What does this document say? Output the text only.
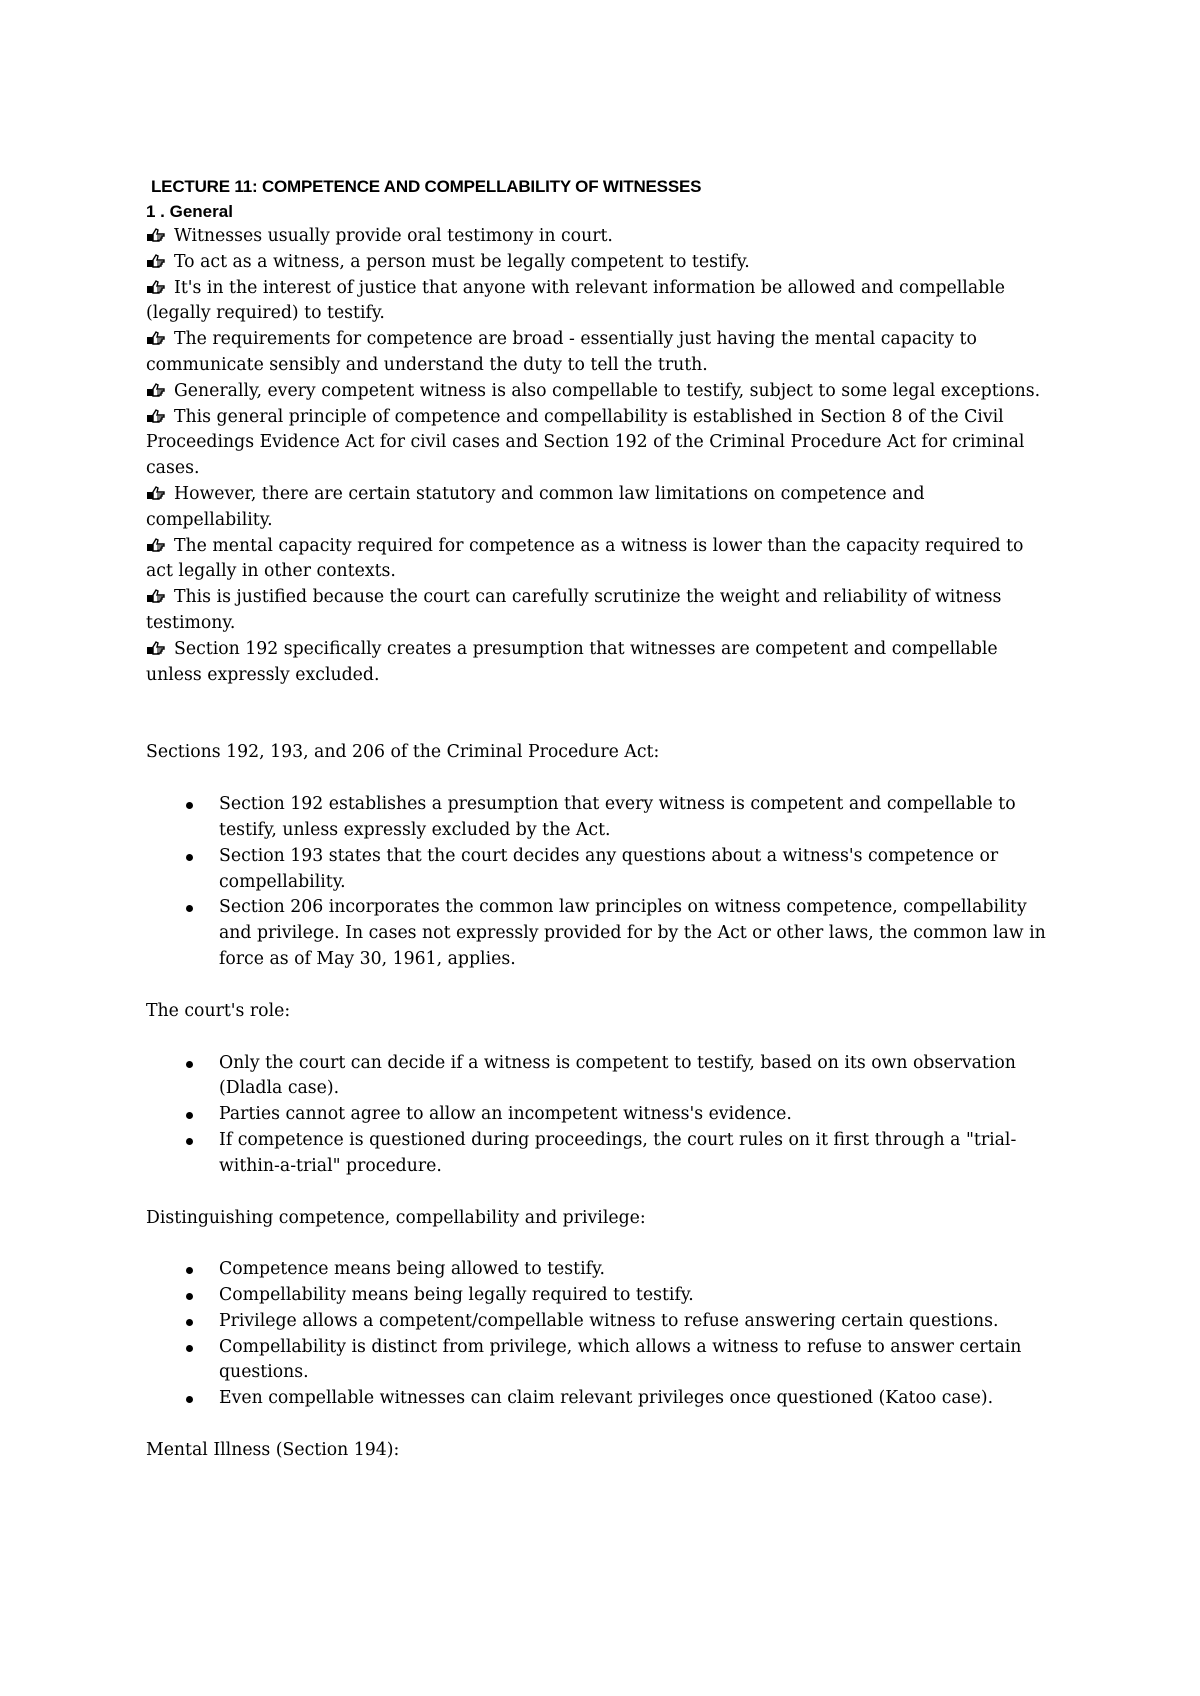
LECTURE 11: COMPETENCE AND COMPELLABILITY OF WITNESSES
1 . General
Witnesses usually provide oral testimony in court.
To act as a witness, a person must be legally competent to testify.
It's in the interest of justice that anyone with relevant information be allowed and compellable (legally required) to testify.
The requirements for competence are broad - essentially just having the mental capacity to communicate sensibly and understand the duty to tell the truth.
Generally, every competent witness is also compellable to testify, subject to some legal exceptions.
This general principle of competence and compellability is established in Section 8 of the Civil Proceedings Evidence Act for civil cases and Section 192 of the Criminal Procedure Act for criminal cases.
However, there are certain statutory and common law limitations on competence and compellability.
The mental capacity required for competence as a witness is lower than the capacity required to act legally in other contexts.
This is justified because the court can carefully scrutinize the weight and reliability of witness testimony.
Section 192 specifically creates a presumption that witnesses are competent and compellable unless expressly excluded.

Sections 192, 193, and 206 of the Criminal Procedure Act:

Section 192 establishes a presumption that every witness is competent and compellable to testify, unless expressly excluded by the Act.
Section 193 states that the court decides any questions about a witness's competence or compellability.
Section 206 incorporates the common law principles on witness competence, compellability and privilege. In cases not expressly provided for by the Act or other laws, the common law in force as of May 30, 1961, applies.

The court's role:

Only the court can decide if a witness is competent to testify, based on its own observation (Dladla case).
Parties cannot agree to allow an incompetent witness's evidence.
If competence is questioned during proceedings, the court rules on it first through a "trial-within-a-trial" procedure.

Distinguishing competence, compellability and privilege:

Competence means being allowed to testify.
Compellability means being legally required to testify.
Privilege allows a competent/compellable witness to refuse answering certain questions.
Compellability is distinct from privilege, which allows a witness to refuse to answer certain questions.
Even compellable witnesses can claim relevant privileges once questioned (Katoo case).

Mental Illness (Section 194):
